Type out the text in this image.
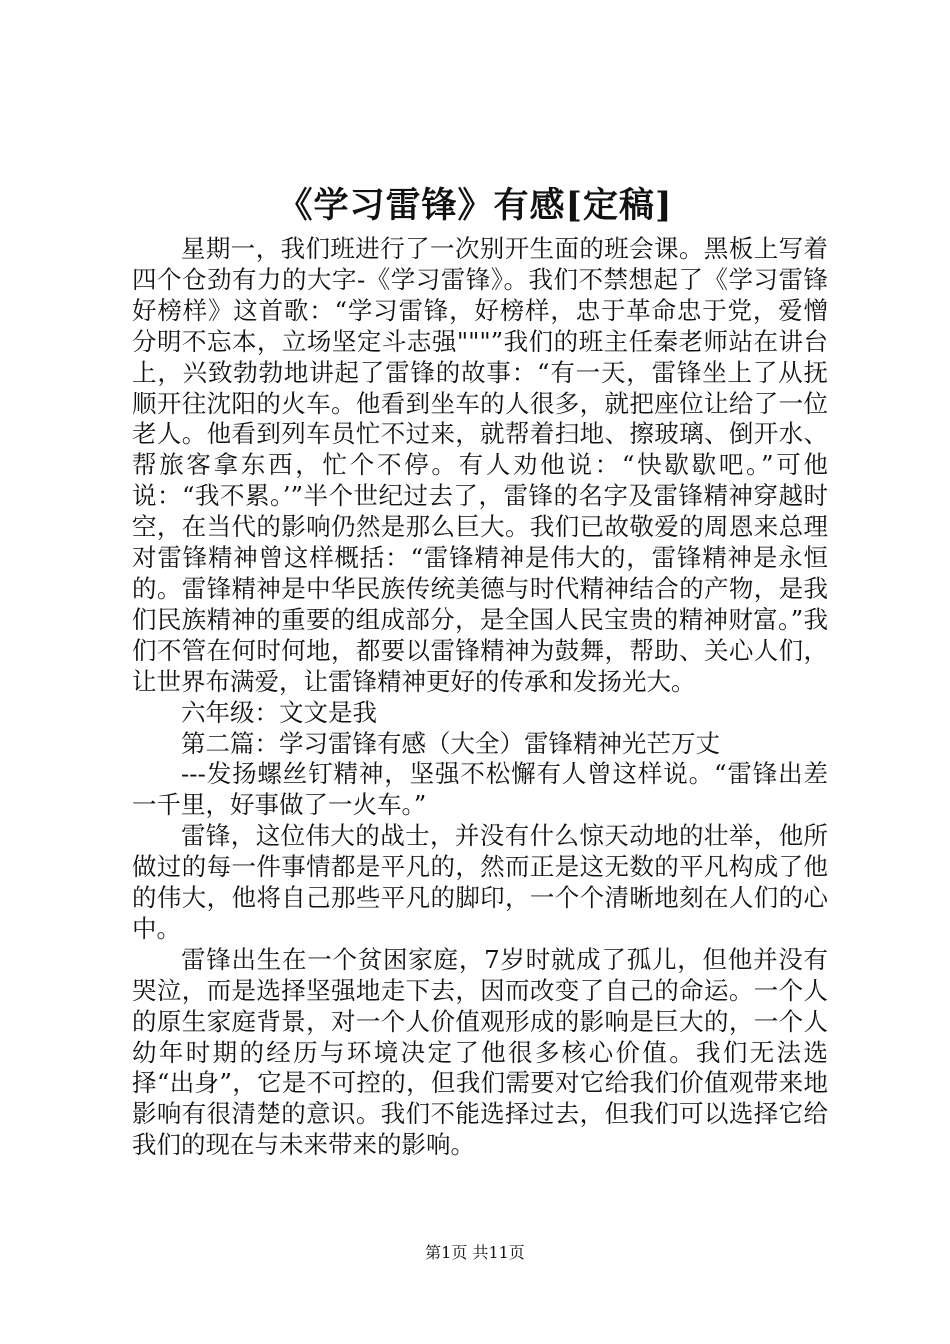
《学习雷锋》有感[定稿]

星期一，我们班进行了一次别开生面的班会课。黑板上写着四个仓劲有力的大字-《学习雷锋》。我们不禁想起了《学习雷锋好榜样》这首歌：“学习雷锋，好榜样，忠于革命忠于党，爱憎分明不忘本，立场坚定斗志强"""”我们的班主任秦老师站在讲台上，兴致勃勃地讲起了雷锋的故事：“有一天，雷锋坐上了从抚顺开往沈阳的火车。他看到坐车的人很多，就把座位让给了一位老人。他看到列车员忙不过来，就帮着扫地、擦玻璃、倒开水、帮旅客拿东西，忙个不停。有人劝他说：“快歇歇吧。”可他说：“我不累。’”半个世纪过去了，雷锋的名字及雷锋精神穿越时空，在当代的影响仍然是那么巨大。我们已故敬爱的周恩来总理对雷锋精神曾这样概括：“雷锋精神是伟大的，雷锋精神是永恒的。雷锋精神是中华民族传统美德与时代精神结合的产物，是我们民族精神的重要的组成部分，是全国人民宝贵的精神财富。”我们不管在何时何地，都要以雷锋精神为鼓舞，帮助、关心人们，让世界布满爱，让雷锋精神更好的传承和发扬光大。

六年级：文文是我

第二篇：学习雷锋有感（大全）雷锋精神光芒万丈

---发扬螺丝钉精神，坚强不松懈有人曾这样说。“雷锋出差一千里，好事做了一火车。”

雷锋，这位伟大的战士，并没有什么惊天动地的壮举，他所做过的每一件事情都是平凡的，然而正是这无数的平凡构成了他的伟大，他将自己那些平凡的脚印，一个个清晰地刻在人们的心中。

雷锋出生在一个贫困家庭，7岁时就成了孤儿，但他并没有哭泣，而是选择坚强地走下去，因而改变了自己的命运。一个人的原生家庭背景，对一个人价值观形成的影响是巨大的，一个人幼年时期的经历与环境决定了他很多核心价值。我们无法选择“出身”，它是不可控的，但我们需要对它给我们价值观带来地影响有很清楚的意识。我们不能选择过去，但我们可以选择它给我们的现在与未来带来的影响。

第1页 共11页
